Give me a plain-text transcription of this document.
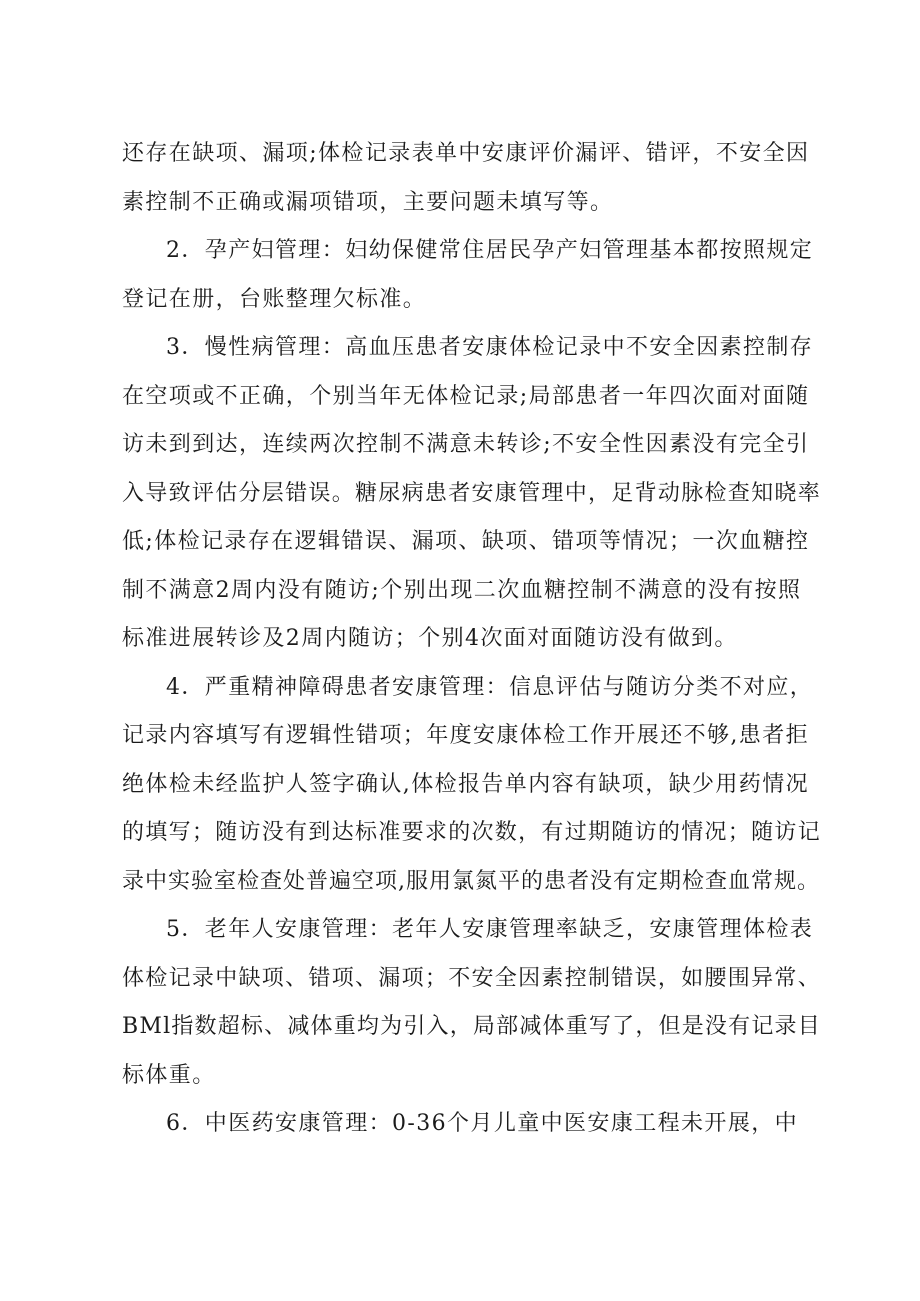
还存在缺项、漏项;体检记录表单中安康评价漏评、错评，不安全因
素控制不正确或漏项错项，主要问题未填写等。
2．孕产妇管理：妇幼保健常住居民孕产妇管理基本都按照规定
登记在册，台账整理欠标准。
3．慢性病管理：高血压患者安康体检记录中不安全因素控制存
在空项或不正确，个别当年无体检记录;局部患者一年四次面对面随
访未到到达，连续两次控制不满意未转诊;不安全性因素没有完全引
入导致评估分层错误。糖尿病患者安康管理中，足背动脉检查知晓率
低;体检记录存在逻辑错误、漏项、缺项、错项等情况；一次血糖控
制不满意2周内没有随访;个别出现二次血糖控制不满意的没有按照
标准进展转诊及2周内随访；个别4次面对面随访没有做到。
4．严重精神障碍患者安康管理：信息评估与随访分类不对应，
记录内容填写有逻辑性错项；年度安康体检工作开展还不够,患者拒
绝体检未经监护人签字确认,体检报告单内容有缺项，缺少用药情况
的填写；随访没有到达标准要求的次数，有过期随访的情况；随访记
录中实验室检查处普遍空项,服用氯氮平的患者没有定期检查血常规。
5．老年人安康管理：老年人安康管理率缺乏，安康管理体检表
体检记录中缺项、错项、漏项；不安全因素控制错误，如腰围异常、
BMl指数超标、减体重均为引入，局部减体重写了，但是没有记录目
标体重。
6．中医药安康管理：0-36个月儿童中医安康工程未开展，中
